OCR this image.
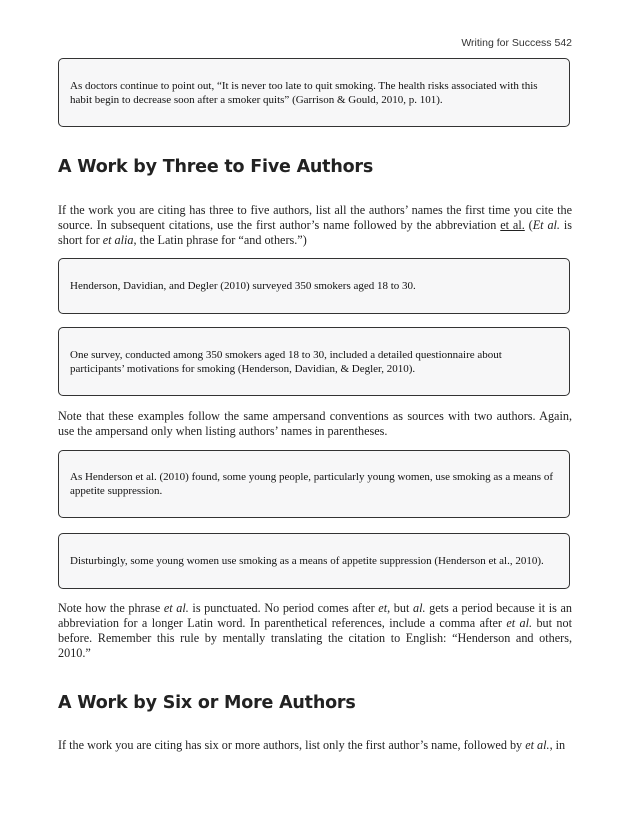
Writing for Success 542
As doctors continue to point out, “It is never too late to quit smoking. The health risks associated with this habit begin to decrease soon after a smoker quits” (Garrison & Gould, 2010, p. 101).
A Work by Three to Five Authors

If the work you are citing has three to five authors, list all the authors’ names the first time you cite the source. In subsequent citations, use the first author’s name followed by the abbreviation et al. (Et al. is short for et alia, the Latin phrase for “and others.”)

Henderson, Davidian, and Degler (2010) surveyed 350 smokers aged 18 to 30.
One survey, conducted among 350 smokers aged 18 to 30, included a detailed questionnaire about participants’ motivations for smoking (Henderson, Davidian, & Degler, 2010).

Note that these examples follow the same ampersand conventions as sources with two authors. Again, use the ampersand only when listing authors’ names in parentheses.

As Henderson et al. (2010) found, some young people, particularly young women, use smoking as a means of appetite suppression.
Disturbingly, some young women use smoking as a means of appetite suppression (Henderson et al., 2010).

Note how the phrase et al. is punctuated. No period comes after et, but al. gets a period because it is an abbreviation for a longer Latin word. In parenthetical references, include a comma after et al. but not before. Remember this rule by mentally translating the citation to English: “Henderson and others, 2010.”

A Work by Six or More Authors

If the work you are citing has six or more authors, list only the first author’s name, followed by et al., in
